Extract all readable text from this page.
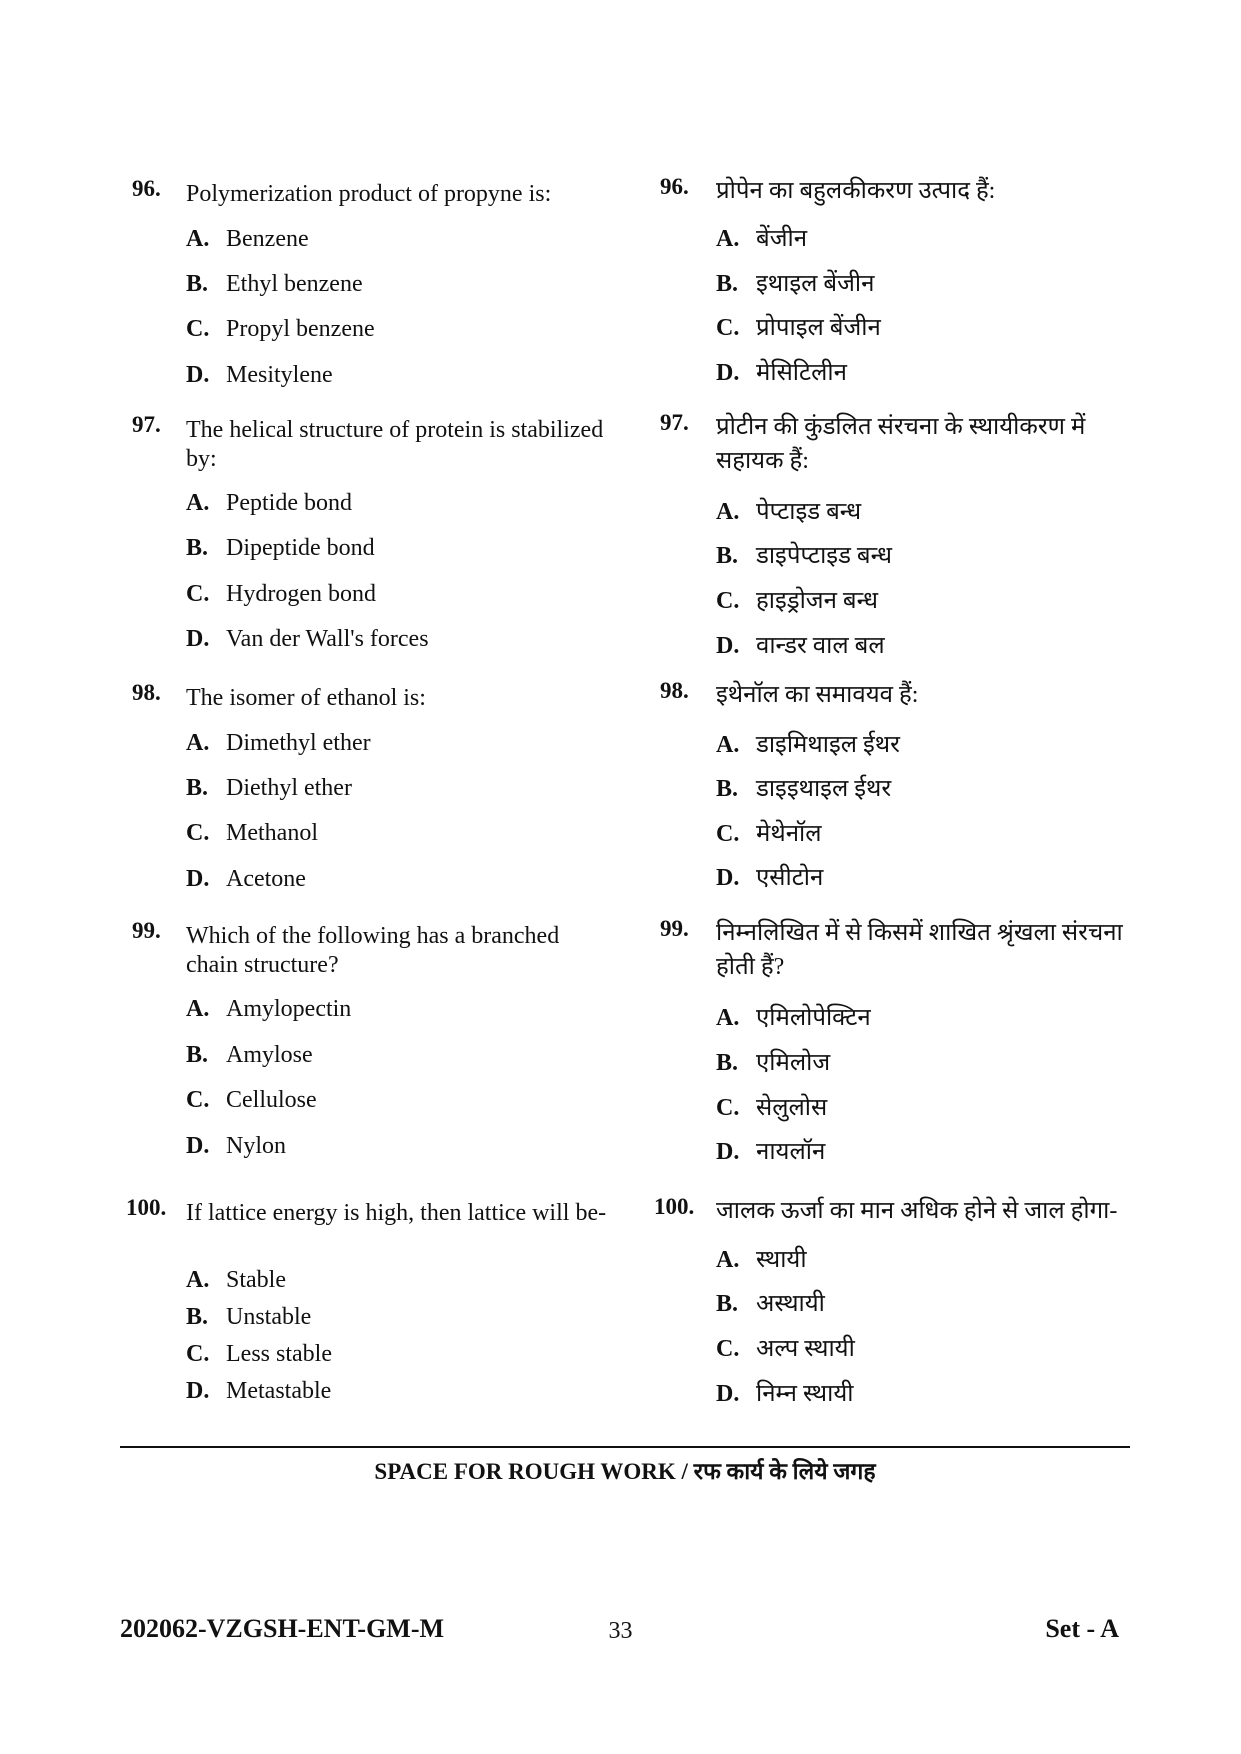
96. Polymerization product of propyne is:
A. Benzene
B. Ethyl benzene
C. Propyl benzene
D. Mesitylene
97. The helical structure of protein is stabilized by:
A. Peptide bond
B. Dipeptide bond
C. Hydrogen bond
D. Van der Wall's forces
98. The isomer of ethanol is:
A. Dimethyl ether
B. Diethyl ether
C. Methanol
D. Acetone
99. Which of the following has a branched chain structure?
A. Amylopectin
B. Amylose
C. Cellulose
D. Nylon
100. If lattice energy is high, then lattice will be-
A. Stable
B. Unstable
C. Less stable
D. Metastable
96. प्रोपेन का बहुलकीकरण उत्पाद हैं:
A. बेंजीन
B. इथाइल बेंजीन
C. प्रोपाइल बेंजीन
D. मेसिटिलीन
97. प्रोटीन की कुंडलित संरचना के स्थायीकरण में सहायक हैं:
A. पेप्टाइड बन्ध
B. डाइपेप्टाइड बन्ध
C. हाइड्रोजन बन्ध
D. वान्डर वाल बल
98. इथेनॉल का समावयव हैं:
A. डाइमिथाइल ईथर
B. डाइइथाइल ईथर
C. मेथेनॉल
D. एसीटोन
99. निम्नलिखित में से किसमें शाखित श्रृंखला संरचना होती हैं?
A. एमिलोपेक्टिन
B. एमिलोज
C. सेलुलोस
D. नायलॉन
100. जालक ऊर्जा का मान अधिक होने से जाल होगा-
A. स्थायी
B. अस्थायी
C. अल्प स्थायी
D. निम्न स्थायी
SPACE FOR ROUGH WORK / रफ कार्य के लिये जगह
202062-VZGSH-ENT-GM-M	33	Set - A
